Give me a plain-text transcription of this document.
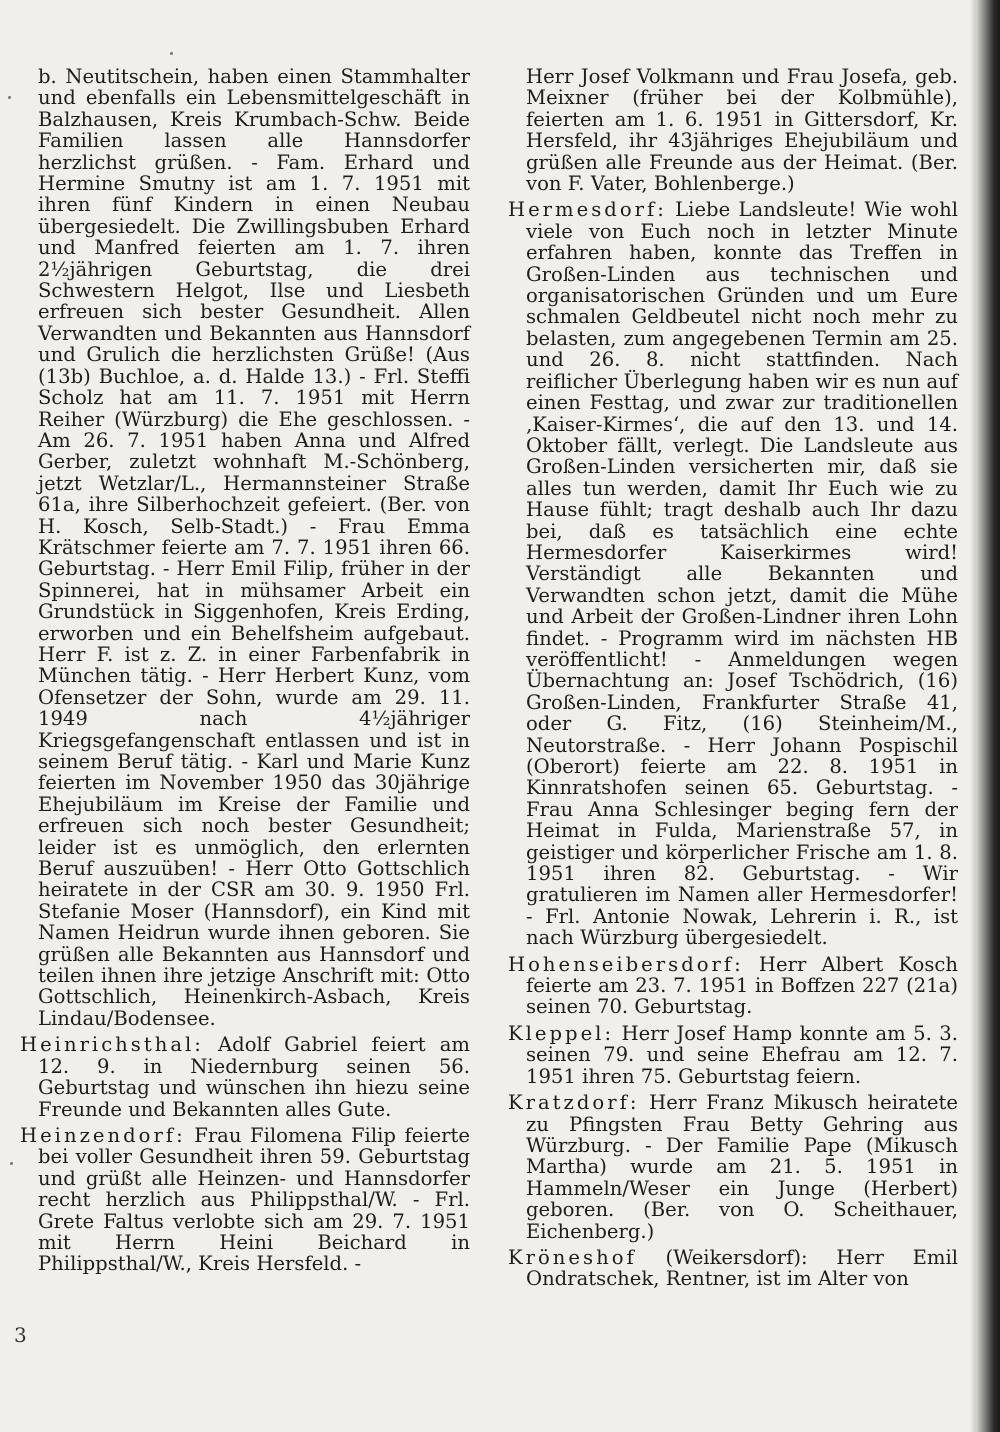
b. Neutitschein, haben einen Stammhalter und ebenfalls ein Lebensmittelgeschäft in Balzhausen, Kreis Krumbach-Schw. Beide Familien lassen alle Hannsdorfer herzlichst grüßen. - Fam. Erhard und Hermine Smutny ist am 1. 7. 1951 mit ihren fünf Kindern in einen Neubau übergesiedelt. Die Zwillingsbuben Erhard und Manfred feierten am 1. 7. ihren 2½jährigen Geburtstag, die drei Schwestern Helgot, Ilse und Liesbeth erfreuen sich bester Gesundheit. Allen Verwandten und Bekannten aus Hannsdorf und Grulich die herzlichsten Grüße! (Aus (13b) Buchloe, a. d. Halde 13.) - Frl. Steffi Scholz hat am 11. 7. 1951 mit Herrn Reiher (Würzburg) die Ehe geschlossen. - Am 26. 7. 1951 haben Anna und Alfred Gerber, zuletzt wohnhaft M.-Schönberg, jetzt Wetzlar/L., Hermannsteiner Straße 61a, ihre Silberhochzeit gefeiert. (Ber. von H. Kosch, Selb-Stadt.) - Frau Emma Krätschmer feierte am 7. 7. 1951 ihren 66. Geburtstag. - Herr Emil Filip, früher in der Spinnerei, hat in mühsamer Arbeit ein Grundstück in Siggenhofen, Kreis Erding, erworben und ein Behelfsheim aufgebaut. Herr F. ist z. Z. in einer Farbenfabrik in München tätig. - Herr Herbert Kunz, vom Ofensetzer der Sohn, wurde am 29. 11. 1949 nach 4½jähriger Kriegsgefangenschaft entlassen und ist in seinem Beruf tätig. - Karl und Marie Kunz feierten im November 1950 das 30jährige Ehejubiläum im Kreise der Familie und erfreuen sich noch bester Gesundheit; leider ist es unmöglich, den erlernten Beruf auszuüben! - Herr Otto Gottschlich heiratete in der CSR am 30. 9. 1950 Frl. Stefanie Moser (Hannsdorf), ein Kind mit Namen Heidrun wurde ihnen geboren. Sie grüßen alle Bekannten aus Hannsdorf und teilen ihnen ihre jetzige Anschrift mit: Otto Gottschlich, Heinenkirch-Asbach, Kreis Lindau/Bodensee.

Heinrichsthal: Adolf Gabriel feiert am 12. 9. in Niedernburg seinen 56. Geburtstag und wünschen ihn hiezu seine Freunde und Bekannten alles Gute.

Heinzendorf: Frau Filomena Filip feierte bei voller Gesundheit ihren 59. Geburtstag und grüßt alle Heinzen- und Hannsdorfer recht herzlich aus Philippsthal/W. - Frl. Grete Faltus verlobte sich am 29. 7. 1951 mit Herrn Heini Beichard in Philippsthal/W., Kreis Hersfeld. -

Herr Josef Volkmann und Frau Josefa, geb. Meixner (früher bei der Kolbmühle), feierten am 1. 6. 1951 in Gittersdorf, Kr. Hersfeld, ihr 43jähriges Ehejubiläum und grüßen alle Freunde aus der Heimat. (Ber. von F. Vater, Bohlenberge.)

Hermesdorf: Liebe Landsleute! Wie wohl viele von Euch noch in letzter Minute erfahren haben, konnte das Treffen in Großen-Linden aus technischen und organisatorischen Gründen und um Eure schmalen Geldbeutel nicht noch mehr zu belasten, zum angegebenen Termin am 25. und 26. 8. nicht stattfinden. Nach reiflicher Überlegung haben wir es nun auf einen Festtag, und zwar zur traditionellen ‚Kaiser-Kirmes‘, die auf den 13. und 14. Oktober fällt, verlegt. Die Landsleute aus Großen-Linden versicherten mir, daß sie alles tun werden, damit Ihr Euch wie zu Hause fühlt; tragt deshalb auch Ihr dazu bei, daß es tatsächlich eine echte Hermesdorfer Kaiserkirmes wird! Verständigt alle Bekannten und Verwandten schon jetzt, damit die Mühe und Arbeit der Großen-Lindner ihren Lohn findet. - Programm wird im nächsten HB veröffentlicht! - Anmeldungen wegen Übernachtung an: Josef Tschödrich, (16) Großen-Linden, Frankfurter Straße 41, oder G. Fitz, (16) Steinheim/M., Neutorstraße. - Herr Johann Pospischil (Oberort) feierte am 22. 8. 1951 in Kinnratshofen seinen 65. Geburtstag. - Frau Anna Schlesinger beging fern der Heimat in Fulda, Marienstraße 57, in geistiger und körperlicher Frische am 1. 8. 1951 ihren 82. Geburtstag. - Wir gratulieren im Namen aller Hermesdorfer! - Frl. Antonie Nowak, Lehrerin i. R., ist nach Würzburg übergesiedelt.

Hohenseibersdorf: Herr Albert Kosch feierte am 23. 7. 1951 in Boffzen 227 (21a) seinen 70. Geburtstag.

Kleppel: Herr Josef Hamp konnte am 5. 3. seinen 79. und seine Ehefrau am 12. 7. 1951 ihren 75. Geburtstag feiern.

Kratzdorf: Herr Franz Mikusch heiratete zu Pfingsten Frau Betty Gehring aus Würzburg. - Der Familie Pape (Mikusch Martha) wurde am 21. 5. 1951 in Hammeln/Weser ein Junge (Herbert) geboren. (Ber. von O. Scheithauer, Eichenberg.)

Kröneshof (Weikersdorf): Herr Emil Ondratschek, Rentner, ist im Alter von

3
